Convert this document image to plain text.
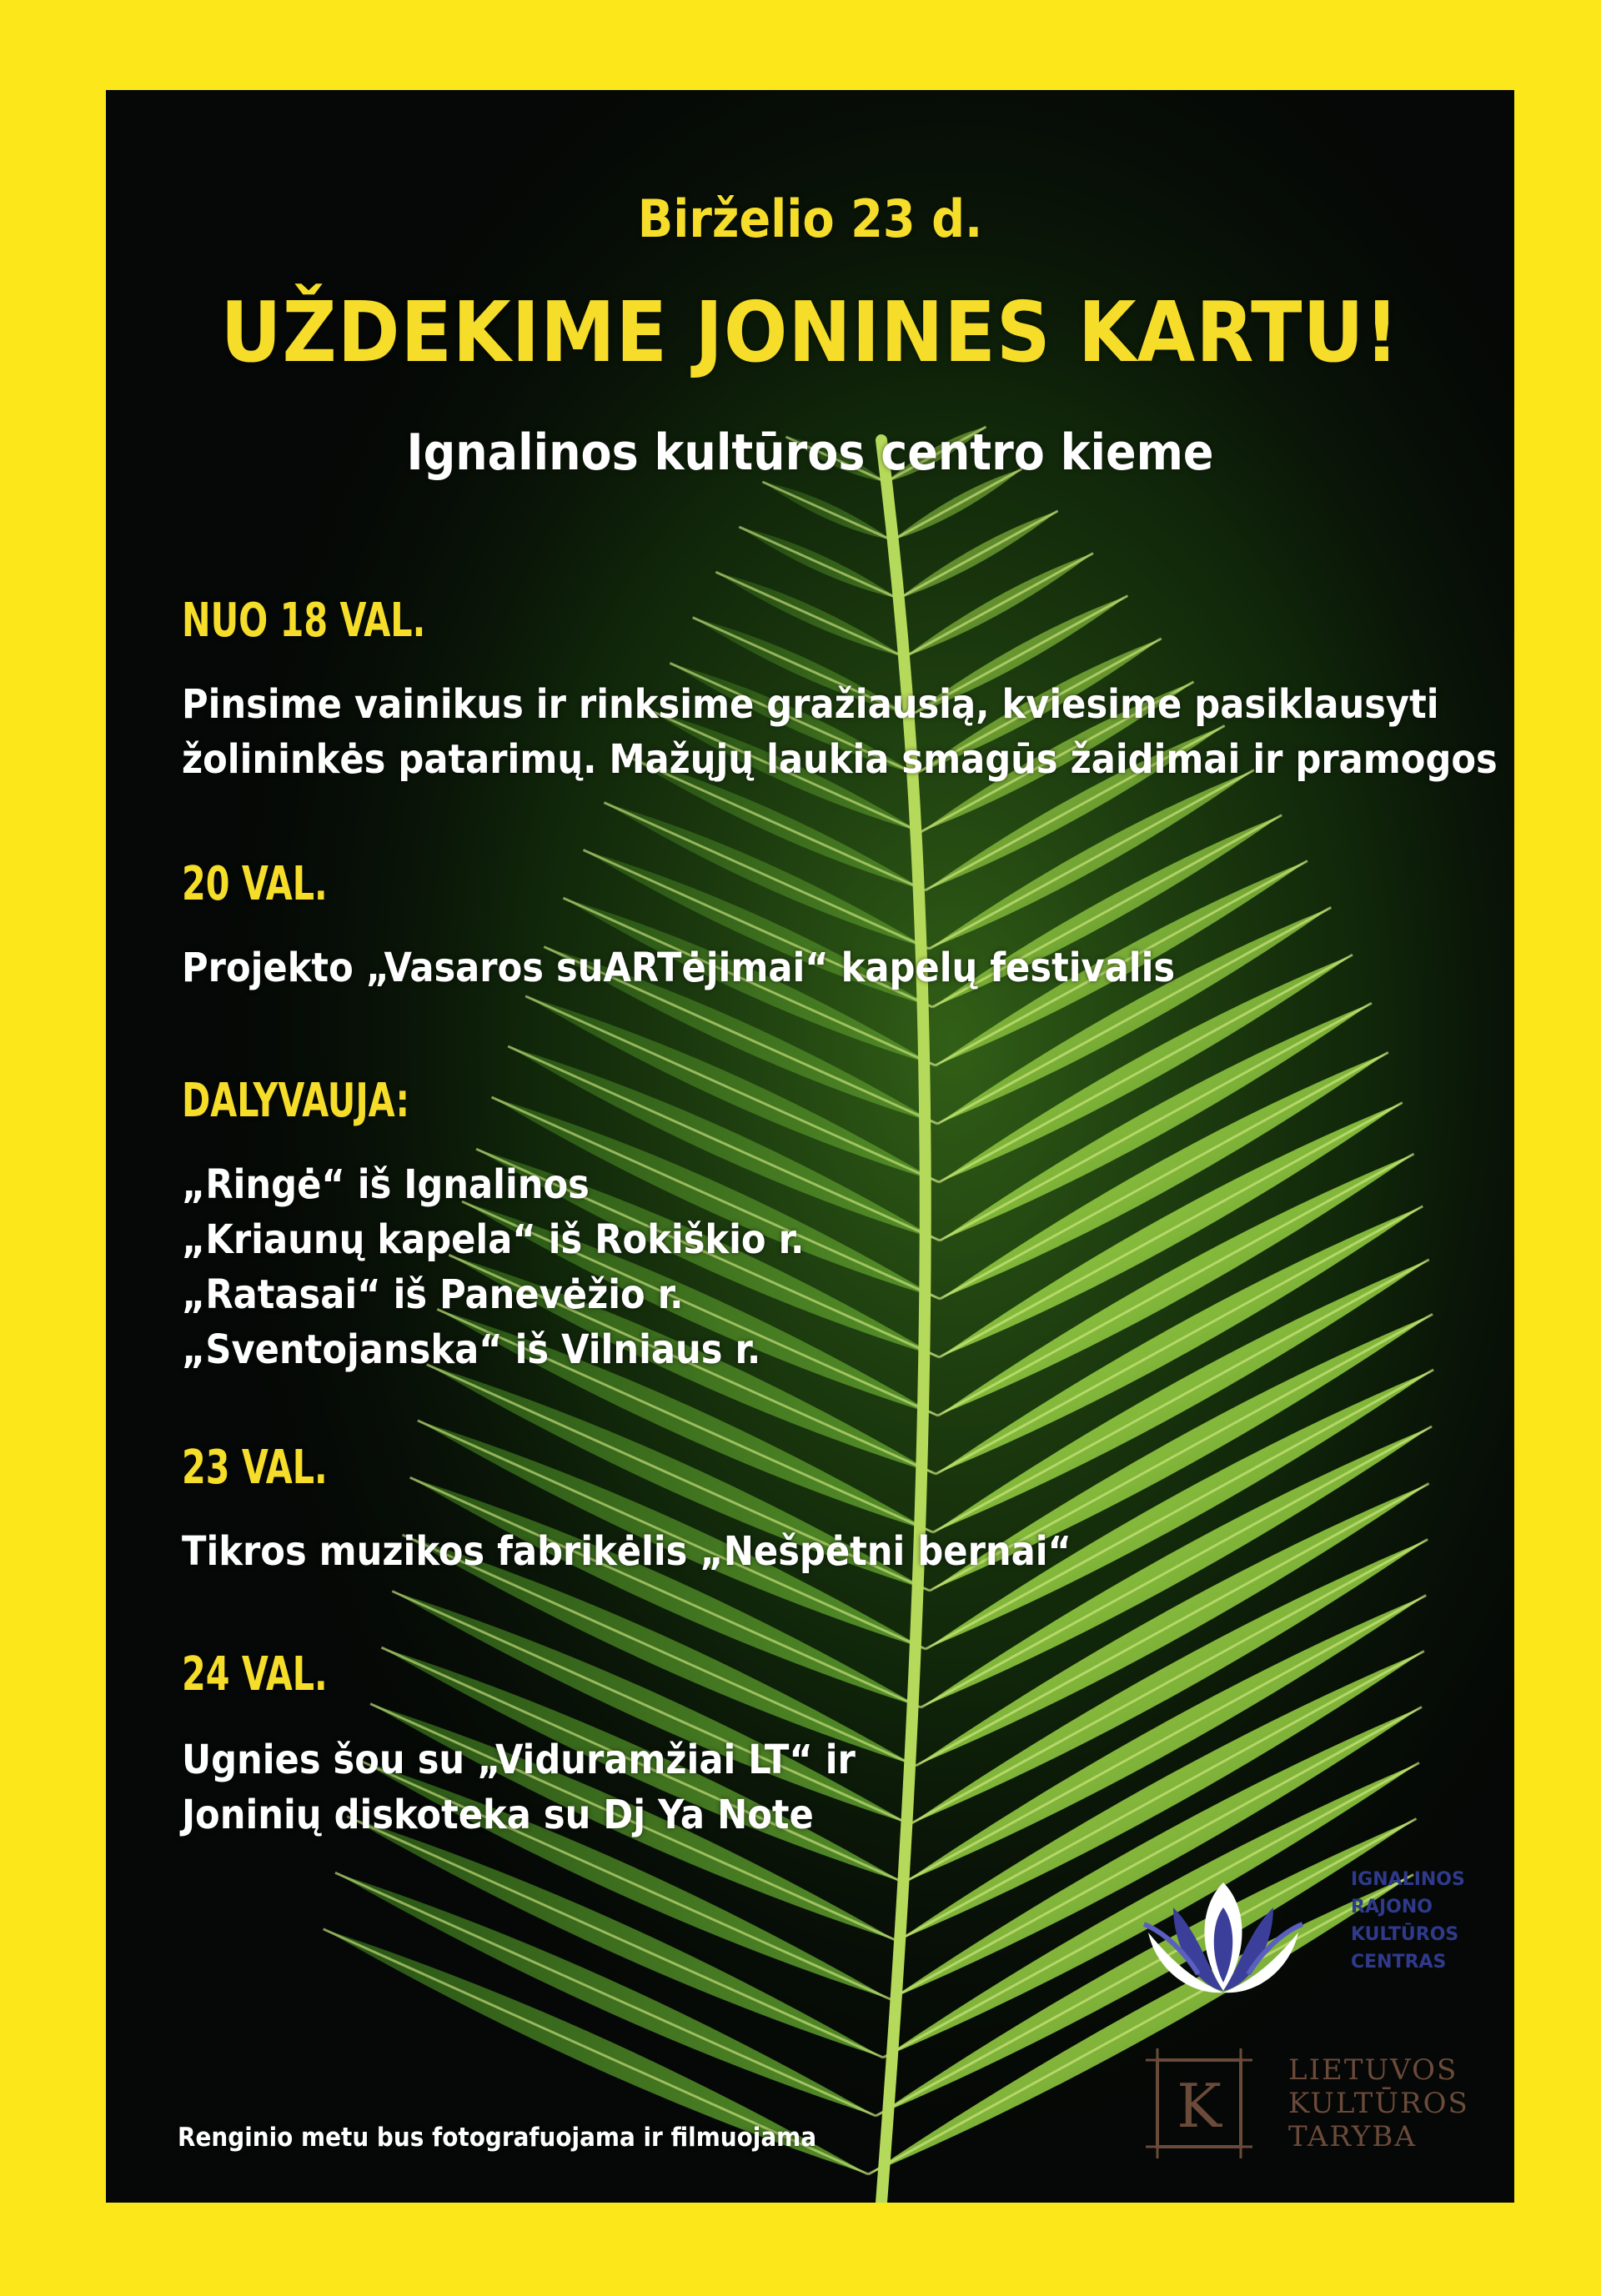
Birželio 23 d.

UŽDEKIME JONINES KARTU!

Ignalinos kultūros centro kieme

NUO 18 VAL.

Pinsime vainikus ir rinksime gražiausią, kviesime pasiklausyti

žolininkės patarimų. Mažųjų laukia smagūs žaidimai ir pramogos

20 VAL.

Projekto „Vasaros suARTėjimai“ kapelų festivalis

DALYVAUJA:

„Ringė“ iš Ignalinos

„Kriaunų kapela“ iš Rokiškio r.

„Ratasai“ iš Panevėžio r.

„Sventojanska“ iš Vilniaus r.

23 VAL.

Tikros muzikos fabrikėlis „Nešpėtni bernai“

24 VAL.

Ugnies šou su „Viduramžiai LT“ ir

Joninių diskoteka su Dj Ya Note

IGNALINOS
RAJONO
KULTŪROS
CENTRAS
K
LIETUVOS
KULTŪROS
TARYBA

Renginio metu bus fotografuojama ir filmuojama
